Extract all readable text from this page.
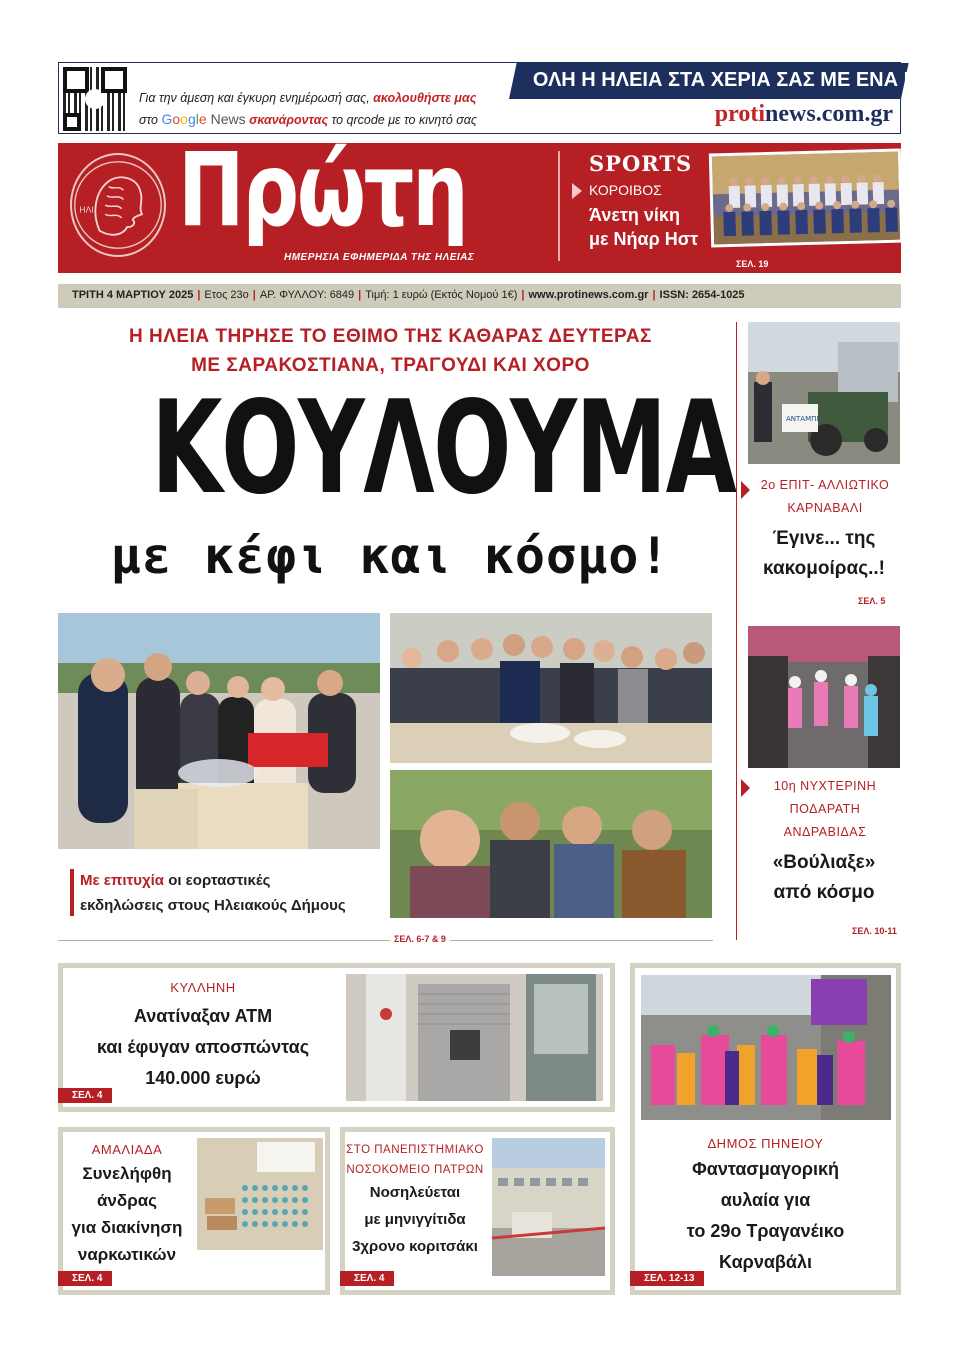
Για την άμεση και έγκυρη ενημέρωσή σας, ακολουθήστε μας
στο Google News σκανάροντας το qrcode με το κινητό σας
ΟΛΗ Η ΗΛΕΙΑ ΣΤΑ ΧΕΡΙΑ ΣΑΣ ΜΕ ΕΝΑ ΚΛΙΚ
protinews.com.gr
ΗΛΙ Πρώτη
ΗΜΕΡΗΣΙΑ ΕΦΗΜΕΡΙΔΑ ΤΗΣ ΗΛΕΙΑΣ
SPORTS
ΚΟΡΟΙΒΟΣ
Άνετη νίκη
με Νήαρ Ηστ
ΣΕΛ. 19
ΤΡΙΤΗ 4 ΜΑΡΤΙΟΥ 2025 | Ετος 23ο | ΑΡ. ΦΥΛΛΟΥ: 6849 | Τιμή: 1 ευρώ (Εκτός Νομού 1€) | www.protinews.com.gr | ISSN: 2654-1025
Η ΗΛΕΙΑ ΤΗΡΗΣΕ ΤΟ ΕΘΙΜΟ ΤΗΣ ΚΑΘΑΡΑΣ ΔΕΥΤΕΡΑΣ
ΜΕ ΣΑΡΑΚΟΣΤΙΑΝΑ, ΤΡΑΓΟΥΔΙ ΚΑΙ ΧΟΡΟ
ΚΟΥΛΟΥΜΑ
με κέφι και κόσμο!
Με επιτυχία οι εορταστικές
εκδηλώσεις στους Ηλειακούς Δήμους
ΣΕΛ. 6-7 & 9
ΑΝΤΑΜΠΙ
2ο ΕΠΙΤ- ΑΛΛΙΩΤΙΚΟ
ΚΑΡΝΑΒΑΛΙ
Έγινε... της
κακομοίρας..!
ΣΕΛ. 5
10η ΝΥΧΤΕΡΙΝΗ
ΠΟΔΑΡΑΤΗ
ΑΝΔΡΑΒΙΔΑΣ
«Βούλιαξε»
από κόσμο
ΣΕΛ. 10-11
ΚΥΛΛΗΝΗ
Ανατίναξαν ΑΤΜ
και έφυγαν αποσπώντας
140.000 ευρώ
ΣΕΛ. 4
ΑΜΑΛΙΑΔΑ
Συνελήφθη
άνδρας
για διακίνηση
ναρκωτικών
ΣΕΛ. 4
ΣΤΟ ΠΑΝΕΠΙΣΤΗΜΙΑΚΟ
ΝΟΣΟΚΟΜΕΙΟ ΠΑΤΡΩΝ
Νοσηλεύεται
με μηνιγγίτιδα
3χρονο κοριτσάκι
ΣΕΛ. 4
ΔΗΜΟΣ ΠΗΝΕΙΟΥ
Φαντασμαγορική
αυλαία για
το 29ο Τραγανέικο
Καρναβάλι
ΣΕΛ. 12-13
